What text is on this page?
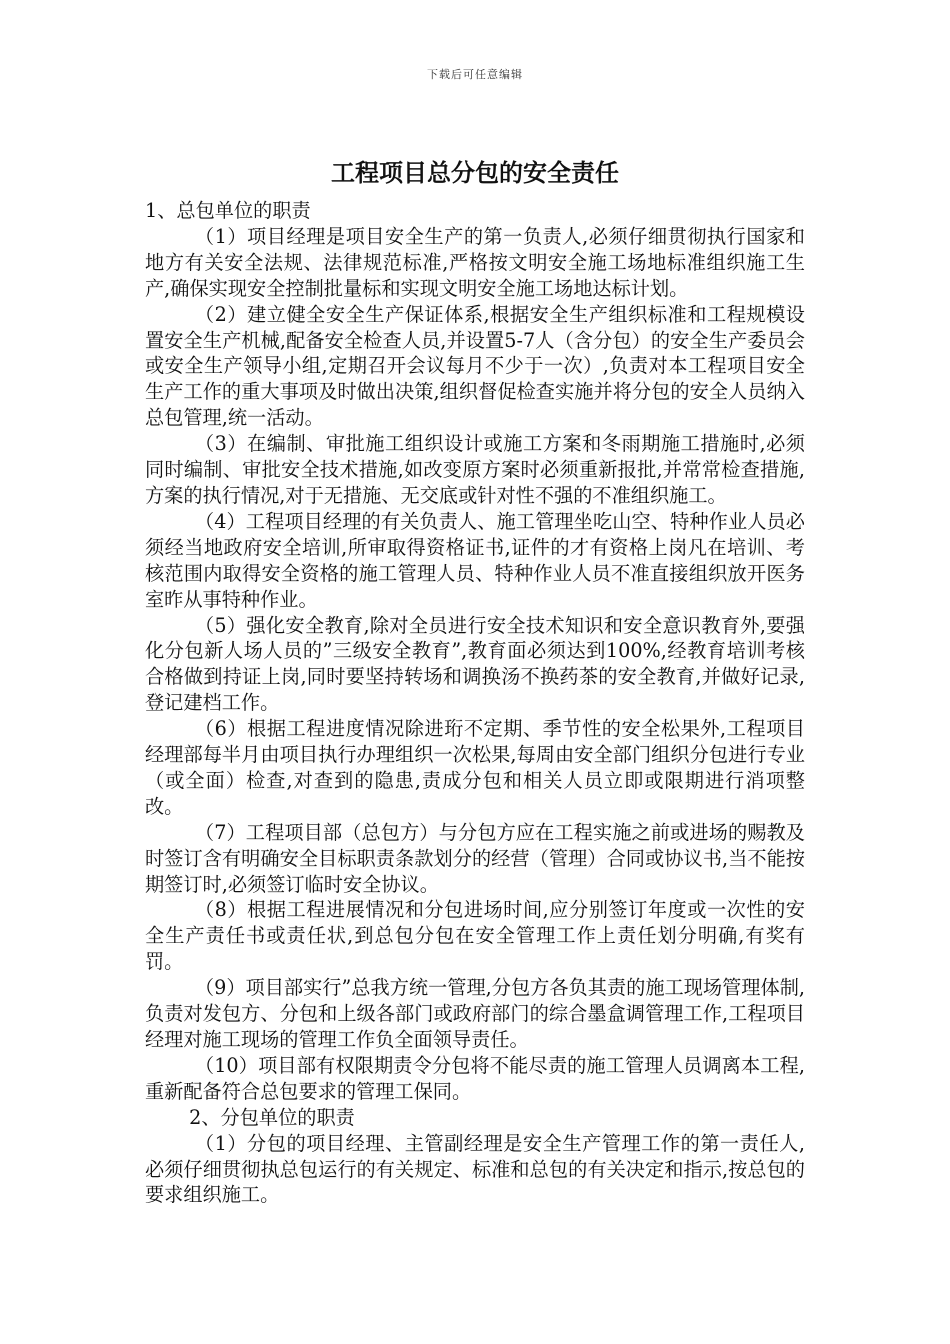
下载后可任意编辑
工程项目总分包的安全责任

1、总包单位的职责

（1）项目经理是项目安全生产的第一负责人,必须仔细贯彻执行国家和地方有关安全法规、法律规范标准,严格按文明安全施工场地标准组织施工生产,确保实现安全控制批量标和实现文明安全施工场地达标计划。

（2）建立健全安全生产保证体系,根据安全生产组织标准和工程规模设置安全生产机械,配备安全检查人员,并设置5-7人（含分包）的安全生产委员会或安全生产领导小组,定期召开会议每月不少于一次）,负责对本工程项目安全生产工作的重大事项及时做出决策,组织督促检查实施并将分包的安全人员纳入总包管理,统一活动。

（3）在编制、审批施工组织设计或施工方案和冬雨期施工措施时,必须同时编制、审批安全技术措施,如改变原方案时必须重新报批,并常常检查措施,方案的执行情况,对于无措施、无交底或针对性不强的不准组织施工。

（4）工程项目经理的有关负责人、施工管理坐吃山空、特种作业人员必须经当地政府安全培训,所审取得资格证书,证件的才有资格上岗凡在培训、考核范围内取得安全资格的施工管理人员、特种作业人员不准直接组织放开医务室昨从事特种作业。

（5）强化安全教育,除对全员进行安全技术知识和安全意识教育外,要强化分包新人场人员的”三级安全教育”,教育面必须达到100%,经教育培训考核合格做到持证上岗,同时要坚持转场和调换汤不换药茶的安全教育,并做好记录,登记建档工作。

（6）根据工程进度情况除进珩不定期、季节性的安全松果外,工程项目经理部每半月由项目执行办理组织一次松果,每周由安全部门组织分包进行专业（或全面）检查,对查到的隐患,责成分包和相关人员立即或限期进行消项整改。

（7）工程项目部（总包方）与分包方应在工程实施之前或进场的赐教及时签订含有明确安全目标职责条款划分的经营（管理）合同或协议书,当不能按期签订时,必须签订临时安全协议。

（8）根据工程进展情况和分包进场时间,应分别签订年度或一次性的安全生产责任书或责任状,到总包分包在安全管理工作上责任划分明确,有奖有罚。

（9）项目部实行”总我方统一管理,分包方各负其责的施工现场管理体制,负责对发包方、分包和上级各部门或政府部门的综合墨盒调管理工作,工程项目经理对施工现场的管理工作负全面领导责任。

（10）项目部有权限期责令分包将不能尽责的施工管理人员调离本工程,重新配备符合总包要求的管理工保同。

2、分包单位的职责

（1）分包的项目经理、主管副经理是安全生产管理工作的第一责任人,必须仔细贯彻执总包运行的有关规定、标准和总包的有关决定和指示,按总包的要求组织施工。
